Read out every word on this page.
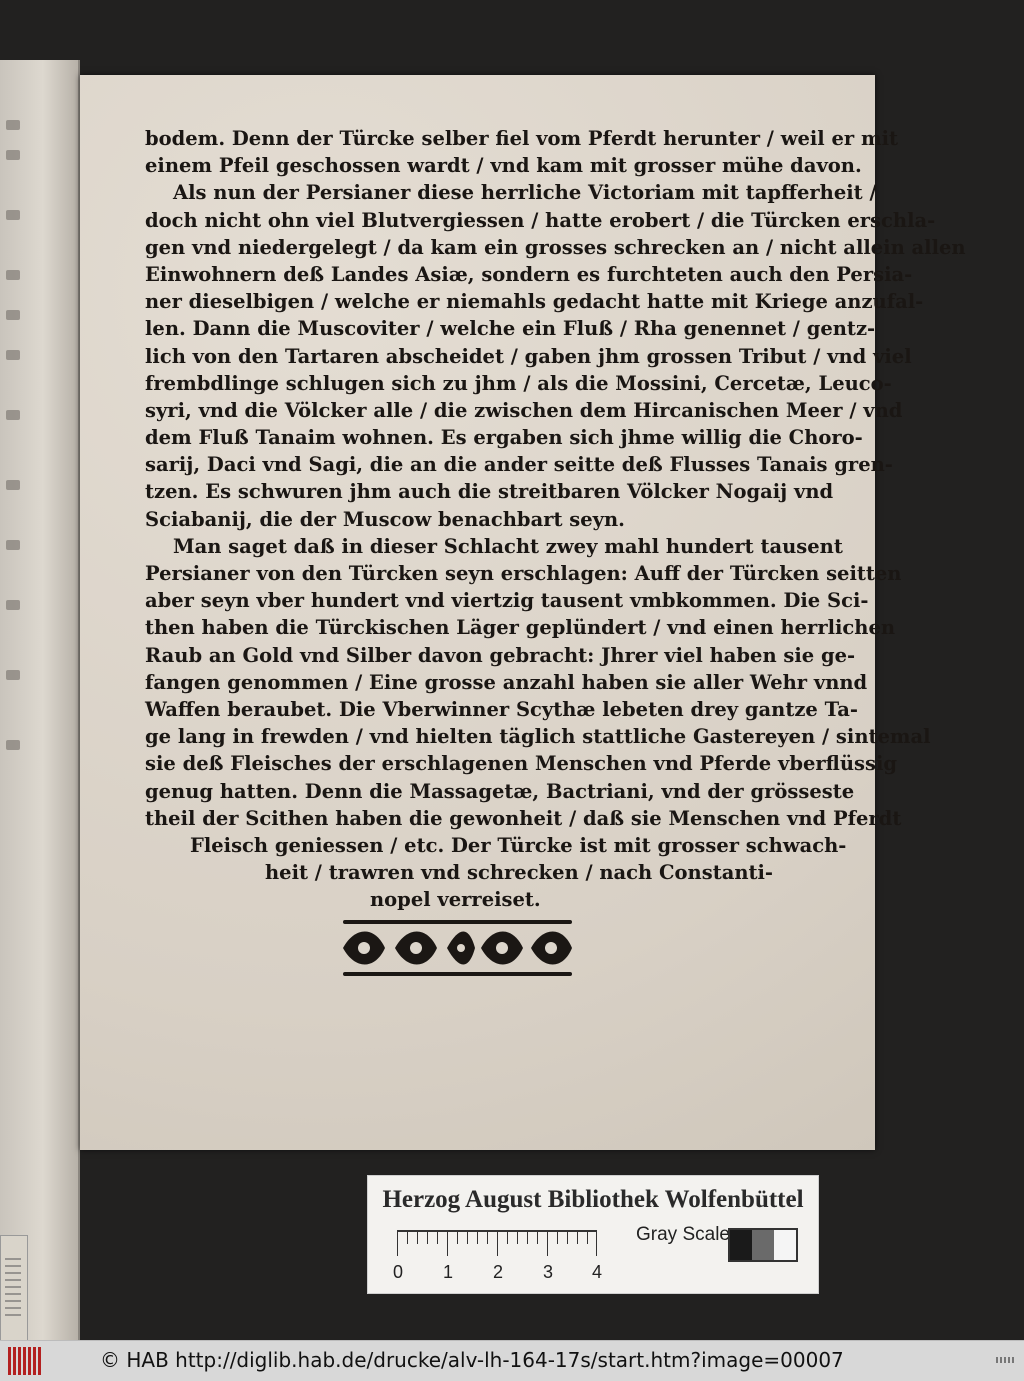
bodem. Denn der Türcke selber fiel vom Pferdt herunter / weil er mit
einem Pfeil geschossen wardt / vnd kam mit grosser mühe davon.
Als nun der Persianer diese herrliche Victoriam mit tapfferheit /
doch nicht ohn viel Blutvergiessen / hatte erobert / die Türcken erschla-
gen vnd niedergelegt / da kam ein grosses schrecken an / nicht allein allen
Einwohnern deß Landes Asiæ, sondern es furchteten auch den Persia-
ner dieselbigen / welche er niemahls gedacht hatte mit Kriege anzufal-
len. Dann die Muscoviter / welche ein Fluß / Rha genennet / gentz-
lich von den Tartaren abscheidet / gaben jhm grossen Tribut / vnd viel
frembdlinge schlugen sich zu jhm / als die Mossini, Cercetæ, Leuco-
syri, vnd die Völcker alle / die zwischen dem Hircanischen Meer / vnd
dem Fluß Tanaim wohnen. Es ergaben sich jhme willig die Choro-
sarij, Daci vnd Sagi, die an die ander seitte deß Flusses Tanais gren-
tzen. Es schwuren jhm auch die streitbaren Völcker Nogaij vnd
Sciabanij, die der Muscow benachbart seyn.
Man saget daß in dieser Schlacht zwey mahl hundert tausent
Persianer von den Türcken seyn erschlagen: Auff der Türcken seitten
aber seyn vber hundert vnd viertzig tausent vmbkommen. Die Sci-
then haben die Türckischen Läger geplündert / vnd einen herrlichen
Raub an Gold vnd Silber davon gebracht: Jhrer viel haben sie ge-
fangen genommen / Eine grosse anzahl haben sie aller Wehr vnnd
Waffen beraubet. Die Vberwinner Scythæ lebeten drey gantze Ta-
ge lang in frewden / vnd hielten täglich stattliche Gastereyen / sintemal
sie deß Fleisches der erschlagenen Menschen vnd Pferde vberflüssig
genug hatten. Denn die Massagetæ, Bactriani, vnd der grösseste
theil der Scithen haben die gewonheit / daß sie Menschen vnd Pferdt
Fleisch geniessen / etc. Der Türcke ist mit grosser schwach-
heit / trawren vnd schrecken / nach Constanti-
nopel verreiset.
Herzog August Bibliothek Wolfenbüttel
0 1 2 3 4
Gray Scale
© HAB http://diglib.hab.de/drucke/alv-lh-164-17s/start.htm?image=00007
